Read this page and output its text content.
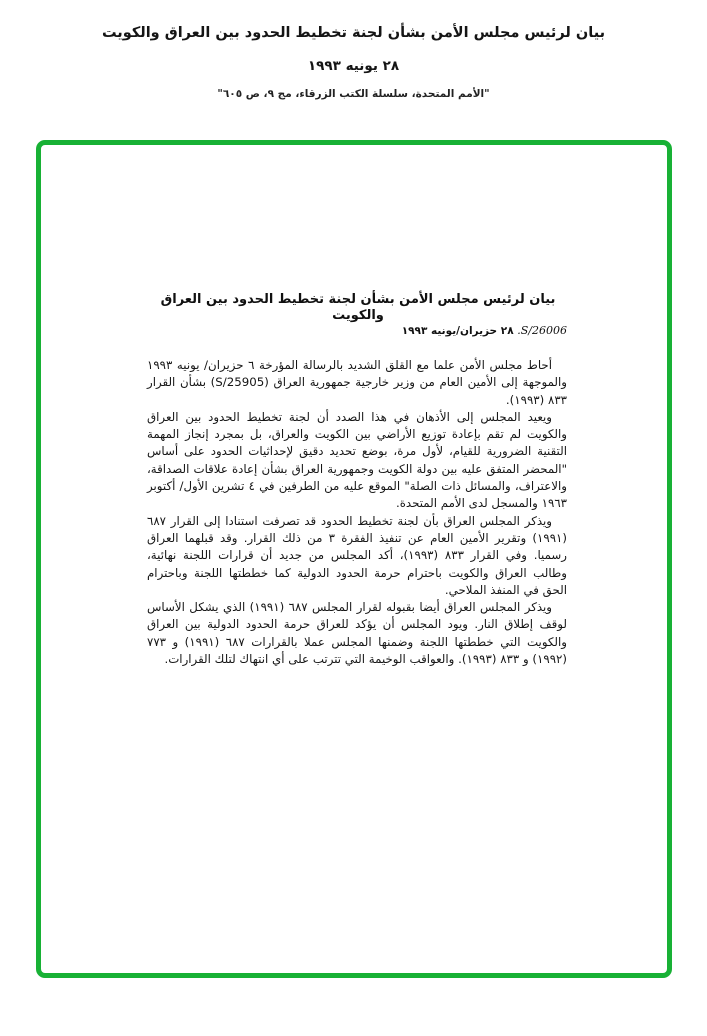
بيان لرئيس مجلس الأمن بشأن لجنة تخطيط الحدود بين العراق والكويت
٢٨ يونيه ١٩٩٣
"الأمم المتحدة، سلسلة الكتب الزرقاء، مج ٩، ص ٦٠٥"
بيان لرئيس مجلس الأمن بشأن لجنة تخطيط الحدود بين العراق والكويت
S/26006. ٢٨ حزيران/يونيه ١٩٩٣

أحاط مجلس الأمن علما مع القلق الشديد بالرسالة المؤرخة ٦ حزيران/ يونيه ١٩٩٣ والموجهة إلى الأمين العام من وزير خارجية جمهورية العراق (S/25905) بشأن القرار ٨٣٣ (١٩٩٣).

ويعيد المجلس إلى الأذهان في هذا الصدد أن لجنة تخطيط الحدود بين العراق والكويت لم تقم بإعادة توزيع الأراضي بين الكويت والعراق، بل بمجرد إنجاز المهمة التقنية الضرورية للقيام، لأول مرة، بوضع تحديد دقيق لإحداثيات الحدود على أساس "المحضر المتفق عليه بين دولة الكويت وجمهورية العراق بشأن إعادة علاقات الصداقة، والاعتراف، والمسائل ذات الصلة" الموقع عليه من الطرفين في ٤ تشرين الأول/ أكتوبر ١٩٦٣ والمسجل لدى الأمم المتحدة.

ويذكر المجلس العراق بأن لجنة تخطيط الحدود قد تصرفت استنادا إلى القرار ٦٨٧ (١٩٩١) وتقرير الأمين العام عن تنفيذ الفقرة ٣ من ذلك القرار. وقد قبلهما العراق رسميا. وفي القرار ٨٣٣ (١٩٩٣)، أكد المجلس من جديد أن قرارات اللجنة نهائية، وطالب العراق والكويت باحترام حرمة الحدود الدولية كما خططتها اللجنة وباحترام الحق في المنفذ الملاحي.

ويذكر المجلس العراق أيضا بقبوله لقرار المجلس ٦٨٧ (١٩٩١) الذي يشكل الأساس لوقف إطلاق النار. ويود المجلس أن يؤكد للعراق حرمة الحدود الدولية بين العراق والكويت التي خططتها اللجنة وضمنها المجلس عملا بالقرارات ٦٨٧ (١٩٩١) و ٧٧٣ (١٩٩٢) و ٨٣٣ (١٩٩٣). والعواقب الوخيمة التي تترتب على أي انتهاك لتلك القرارات.
